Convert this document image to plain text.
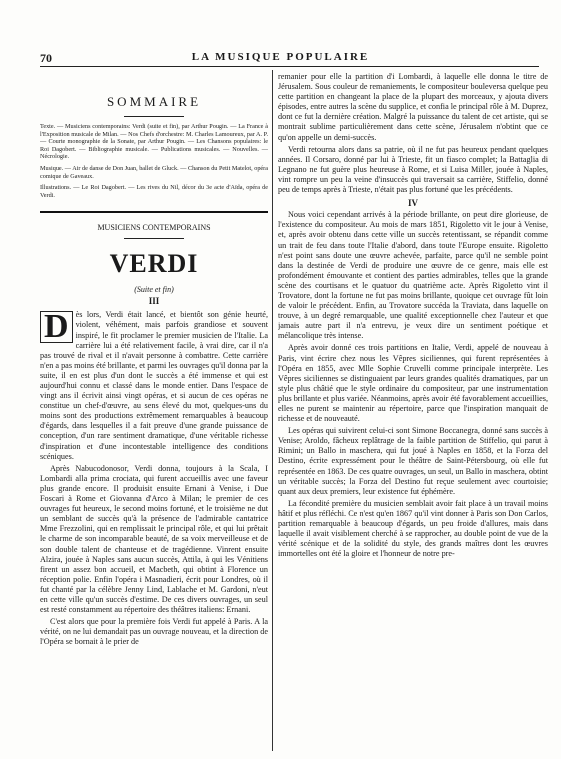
70	LA MUSIQUE POPULAIRE
SOMMAIRE

Texte. — Musiciens contemporains: Verdi (suite et fin), par Arthur Pougin. — La France à l'Exposition musicale de Milan. — Nos Chefs d'orchestre: M. Charles Lamoureux, par A. P. — Courte monographie de la Sonate, par Arthur Pougin. — Les Chansons populaires: le Roi Dagobert. — Bibliographie musicale. — Publications musicales. — Nouvelles. — Nécrologie.

Musique. — Air de danse de Don Juan, ballet de Gluck. — Chanson du Petit Matelot, opéra comique de Gaveaux.

Illustrations. — Le Roi Dagobert. — Les rives du Nil, décor du 3e acte d'Aïda, opéra de Verdi.

MUSICIENS CONTEMPORAINS
VERDI
(Suite et fin)
III

D ès lors, Verdi était lancé, et bientôt son génie heurté, violent, véhément, mais parfois grandiose et souvent inspiré, le fit proclamer le premier musicien de l'Italie. La carrière lui a été relativement facile, à vrai dire, car il n'a pas trouvé de rival et il n'avait personne à combattre. Cette carrière n'en a pas moins été brillante, et parmi les ouvrages qu'il donna par la suite, il en est plus d'un dont le succès a été immense et qui est aujourd'hui connu et classé dans le monde entier. Dans l'espace de vingt ans il écrivit ainsi vingt opéras, et si aucun de ces opéras ne constitue un chef-d'œuvre, au sens élevé du mot, quelques-uns du moins sont des productions extrêmement remarquables à beaucoup d'égards, dans lesquelles il a fait preuve d'une grande puissance de conception, d'un rare sentiment dramatique, d'une véritable richesse d'inspiration et d'une incontestable intelligence des conditions scéniques.

Après Nabucodonosor, Verdi donna, toujours à la Scala, I Lombardi alla prima crociata, qui furent accueillis avec une faveur plus grande encore. Il produisit ensuite Ernani à Venise, i Due Foscari à Rome et Giovanna d'Arco à Milan; le premier de ces ouvrages fut heureux, le second moins fortuné, et le troisième ne dut un semblant de succès qu'à la présence de l'admirable cantatrice Mme Frezzolini, qui en remplissait le principal rôle, et qui lui prêtait le charme de son incomparable beauté, de sa voix merveilleuse et de son double talent de chanteuse et de tragédienne. Vinrent ensuite Alzira, jouée à Naples sans aucun succès, Attila, à qui les Vénitiens firent un assez bon accueil, et Macbeth, qui obtint à Florence un réception polie. Enfin l'opéra i Masnadieri, écrit pour Londres, où il fut chanté par la célèbre Jenny Lind, Lablache et M. Gardoni, n'eut en cette ville qu'un succès d'estime. De ces divers ouvrages, un seul est resté constamment au répertoire des théâtres italiens: Ernani.

C'est alors que pour la première fois Verdi fut appelé à Paris. A la vérité, on ne lui demandait pas un ouvrage nouveau, et la direction de l'Opéra se bornait à le prier de

remanier pour elle la partition d'i Lombardi, à laquelle elle donna le titre de Jérusalem. Sous couleur de remaniements, le compositeur bouleversa quelque peu cette partition en changeant la place de la plupart des morceaux, y ajouta divers épisodes, entre autres la scène du supplice, et confia le principal rôle à M. Duprez, dont ce fut la dernière création. Malgré la puissance du talent de cet artiste, qui se montrait sublime particulièrement dans cette scène, Jérusalem n'obtint que ce qu'on appelle un demi-succès.

Verdi retourna alors dans sa patrie, où il ne fut pas heureux pendant quelques années. Il Corsaro, donné par lui à Trieste, fit un fiasco complet; la Battaglia di Legnano ne fut guère plus heureuse à Rome, et si Luisa Miller, jouée à Naples, vint rompre un peu la veine d'insuccès qui traversait sa carrière, Stiffelio, donné peu de temps après à Trieste, n'était pas plus fortuné que les précédents.

IV

Nous voici cependant arrivés à la période brillante, on peut dire glorieuse, de l'existence du compositeur. Au mois de mars 1851, Rigoletto vit le jour à Venise, et, après avoir obtenu dans cette ville un succès retentissant, se répandit comme un trait de feu dans toute l'Italie d'abord, dans toute l'Europe ensuite. Rigoletto n'est point sans doute une œuvre achevée, parfaite, parce qu'il ne semble point dans la destinée de Verdi de produire une œuvre de ce genre, mais elle est profondément émouvante et contient des parties admirables, telles que la grande scène des courtisans et le quatuor du quatrième acte. Après Rigoletto vint il Trovatore, dont la fortune ne fut pas moins brillante, quoique cet ouvrage fût loin de valoir le précédent. Enfin, au Trovatore succéda la Traviata, dans laquelle on trouve, à un degré remarquable, une qualité exceptionnelle chez l'auteur et que jamais autre part il n'a entrevu, je veux dire un sentiment poétique et mélancolique très intense.

Après avoir donné ces trois partitions en Italie, Verdi, appelé de nouveau à Paris, vint écrire chez nous les Vêpres siciliennes, qui furent représentées à l'Opéra en 1855, avec Mlle Sophie Cruvelli comme principale interprète. Les Vêpres siciliennes se distinguaient par leurs grandes qualités dramatiques, par un style plus châtié que le style ordinaire du compositeur, par une instrumentation plus brillante et plus variée. Néanmoins, après avoir été favorablement accueillies, elles ne purent se maintenir au répertoire, parce que l'inspiration manquait de richesse et de nouveauté.

Les opéras qui suivirent celui-ci sont Simone Boccanegra, donné sans succès à Venise; Aroldo, fâcheux replâtrage de la faible partition de Stiffelio, qui parut à Rimini; un Ballo in maschera, qui fut joué à Naples en 1858, et la Forza del Destino, écrite expressément pour le théâtre de Saint-Pétersbourg, où elle fut représentée en 1863. De ces quatre ouvrages, un seul, un Ballo in maschera, obtint un véritable succès; la Forza del Destino fut reçue seulement avec courtoisie; quant aux deux premiers, leur existence fut éphémère.

La fécondité première du musicien semblait avoir fait place à un travail moins hâtif et plus réfléchi. Ce n'est qu'en 1867 qu'il vint donner à Paris son Don Carlos, partition remarquable à beaucoup d'égards, un peu froide d'allures, mais dans laquelle il avait visiblement cherché à se rapprocher, au double point de vue de la vérité scénique et de la solidité du style, des grands maîtres dont les œuvres immortelles ont été la gloire et l'honneur de notre pre-
